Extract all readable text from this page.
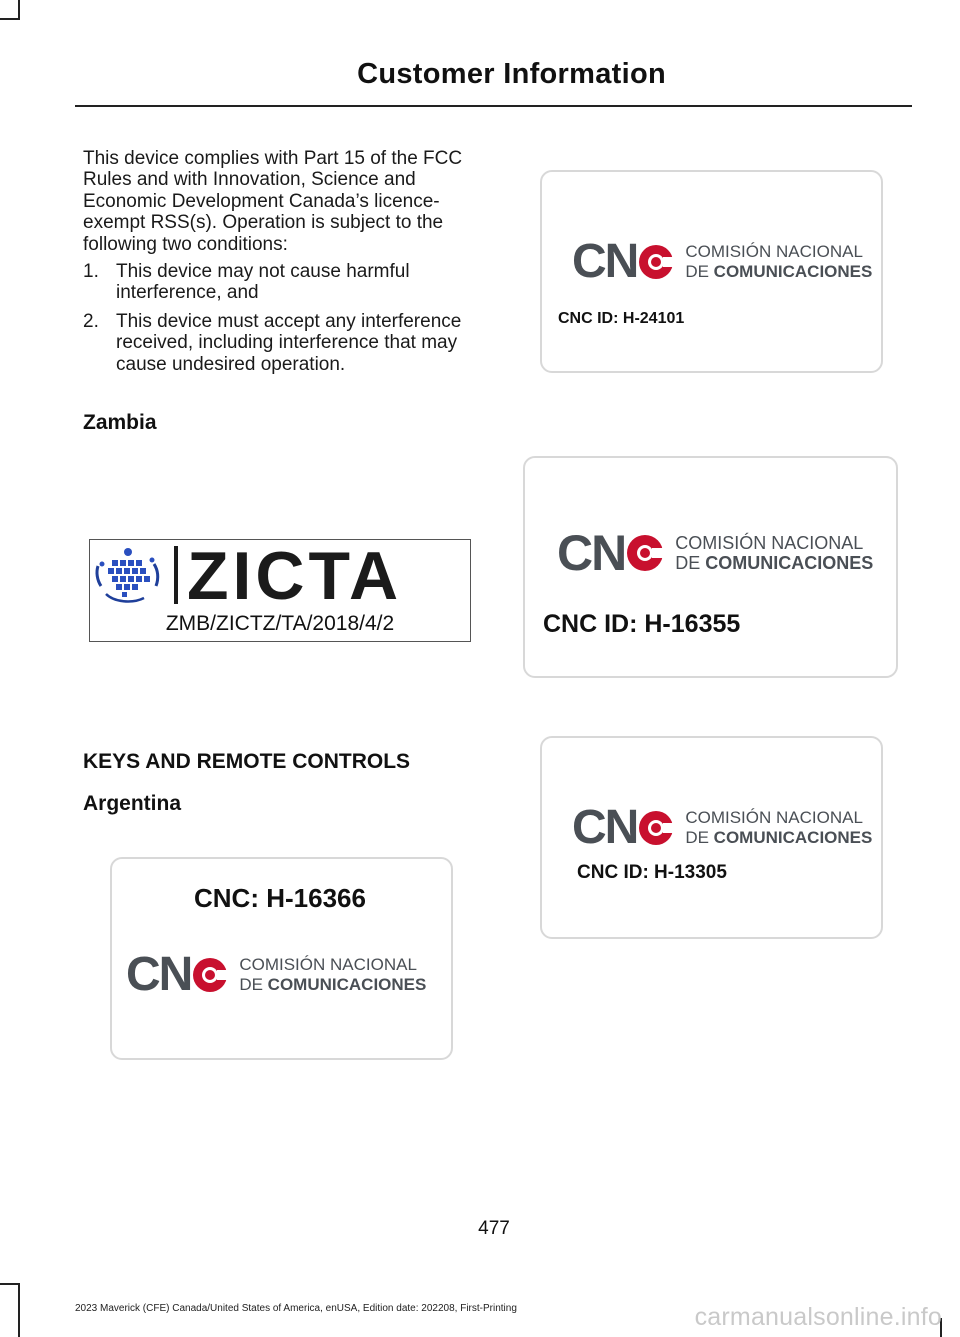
Customer Information
This device complies with Part 15 of the FCC Rules and with Innovation, Science and Economic Development Canada’s licence-exempt RSS(s). Operation is subject to the following two conditions:
1. This device may not cause harmful interference, and
2. This device must accept any interference received, including interference that may cause undesired operation.
Zambia
ZICTA
ZMB/ZICTZ/TA/2018/4/2
KEYS AND REMOTE CONTROLS
Argentina
CN	COMISIÓN NACIONAL
DE COMUNICACIONES
CNC ID: H-24101
CN	COMISIÓN NACIONAL
DE COMUNICACIONES
CNC ID: H-16355
CN	COMISIÓN NACIONAL
DE COMUNICACIONES
CNC ID: H-13305
CNC: H-16366
CN	COMISIÓN NACIONAL
DE COMUNICACIONES
477
2023 Maverick (CFE) Canada/United States of America, enUSA, Edition date: 202208, First-Printing	carmanualsonline.info
